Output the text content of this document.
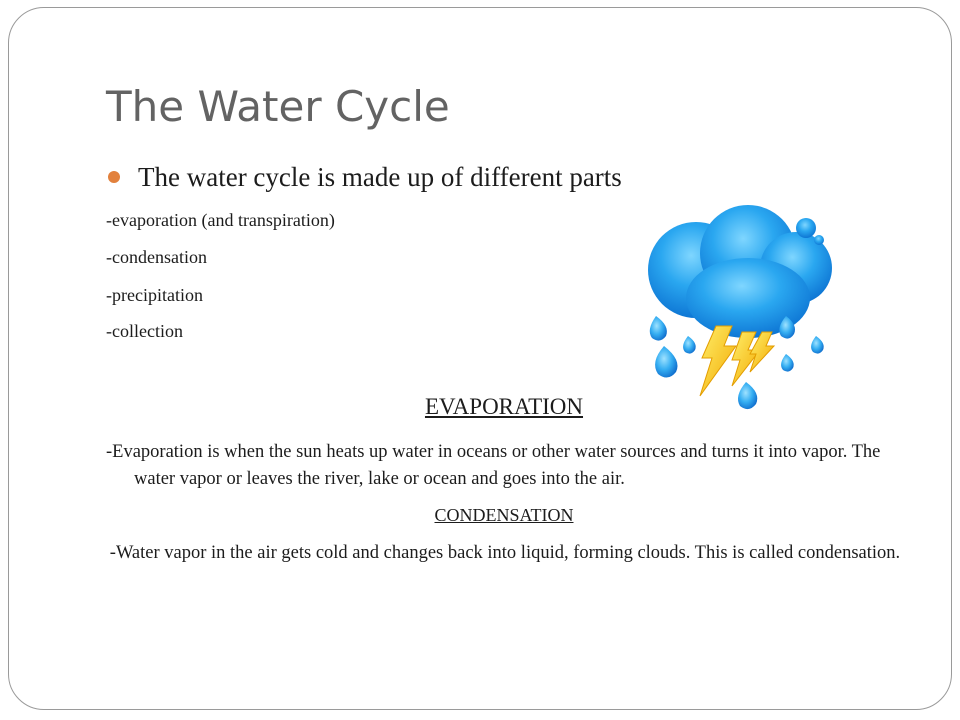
The Water Cycle
The water cycle is made up of different parts
-evaporation (and transpiration)
-condensation
-precipitation
-collection
EVAPORATION
-Evaporation is when the sun heats up water in oceans or other water sources and turns it into vapor. The water vapor or leaves the river, lake or ocean and goes into the air.
CONDENSATION
-Water vapor in the air gets cold and changes back into liquid, forming clouds. This is called condensation.
